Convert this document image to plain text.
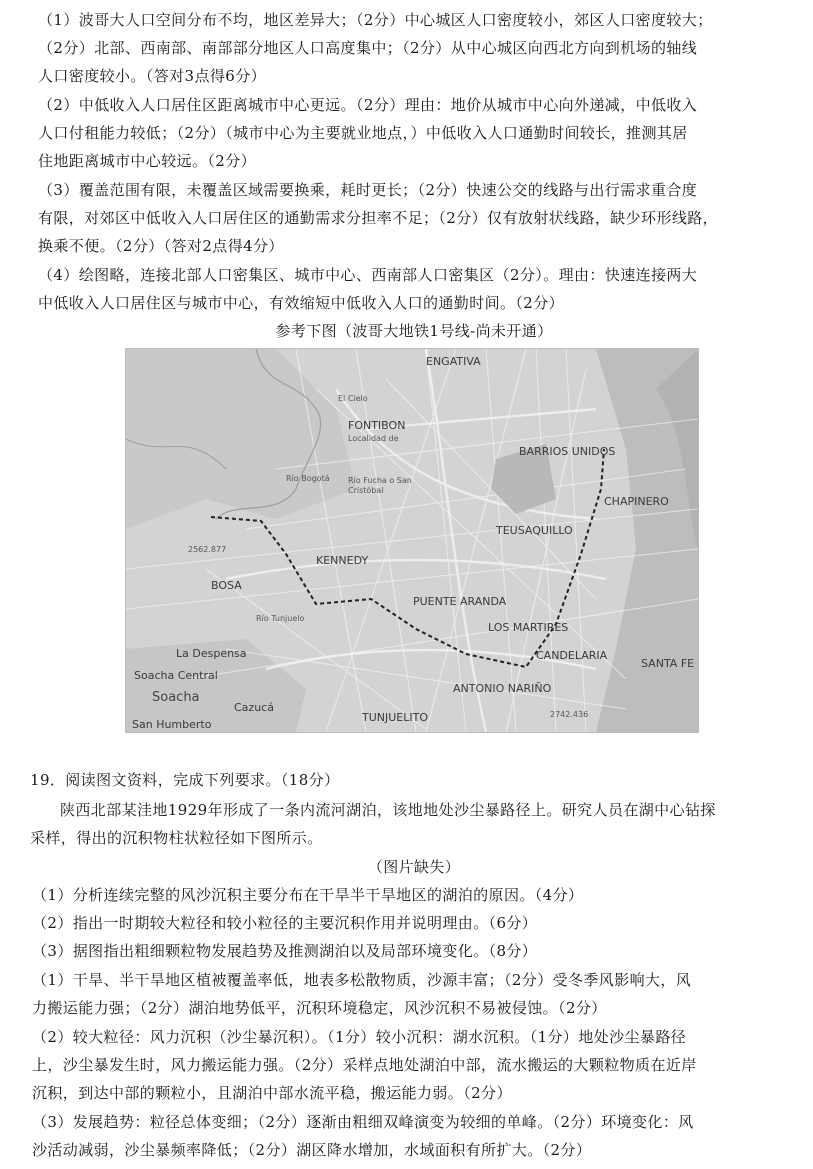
（1）波哥大人口空间分布不均，地区差异大；（2分）中心城区人口密度较小，郊区人口密度较大；

（2分）北部、西南部、南部部分地区人口高度集中；（2分）从中心城区向西北方向到机场的轴线

人口密度较小。（答对3点得6分）

（2）中低收入人口居住区距离城市中心更远。（2分）理由：地价从城市中心向外递减，中低收入

人口付租能力较低；（2分）（城市中心为主要就业地点，）中低收入人口通勤时间较长，推测其居

住地距离城市中心较远。（2分）

（3）覆盖范围有限，未覆盖区域需要换乘，耗时更长；（2分）快速公交的线路与出行需求重合度

有限，对郊区中低收入人口居住区的通勤需求分担率不足；（2分）仅有放射状线路，缺少环形线路，

换乘不便。（2分）（答对2点得4分）

（4）绘图略，连接北部人口密集区、城市中心、西南部人口密集区（2分）。理由：快速连接两大

中低收入人口居住区与城市中心，有效缩短中低收入人口的通勤时间。（2分）

参考下图（波哥大地铁1号线-尚未开通）

ENGATIVA
FONTIBON
Localidad de
El Cielo
BARRIOS UNIDOS
CHAPINERO
TEUSAQUILLO
KENNEDY
BOSA
PUENTE ARANDA
LOS MARTIRES
CANDELARIA
SANTA FE
ANTONIO NARIÑO
TUNJUELITO
Soacha
Soacha Central
La Despensa
Cazucá
San Humberto
Río Bogotá Río Fucha o San
Cristóbal
Río Tunjuelo
2562.877
2742.436

19．阅读图文资料，完成下列要求。（18分）

陕西北部某洼地1929年形成了一条内流河湖泊，该地地处沙尘暴路径上。研究人员在湖中心钻探

采样，得出的沉积物柱状粒径如下图所示。

（图片缺失）

（1）分析连续完整的风沙沉积主要分布在干旱半干旱地区的湖泊的原因。（4分）

（2）指出一时期较大粒径和较小粒径的主要沉积作用并说明理由。（6分）

（3）据图指出粗细颗粒物发展趋势及推测湖泊以及局部环境变化。（8分）

（1）干旱、半干旱地区植被覆盖率低，地表多松散物质，沙源丰富；（2分）受冬季风影响大，风

力搬运能力强；（2分）湖泊地势低平，沉积环境稳定，风沙沉积不易被侵蚀。（2分）

（2）较大粒径：风力沉积（沙尘暴沉积）。（1分）较小沉积：湖水沉积。（1分）地处沙尘暴路径

上，沙尘暴发生时，风力搬运能力强。（2分）采样点地处湖泊中部，流水搬运的大颗粒物质在近岸

沉积，到达中部的颗粒小，且湖泊中部水流平稳，搬运能力弱。（2分）

（3）发展趋势：粒径总体变细；（2分）逐渐由粗细双峰演变为较细的单峰。（2分）环境变化：风

沙活动减弱，沙尘暴频率降低；（2分）湖区降水增加，水域面积有所扩大。（2分）
